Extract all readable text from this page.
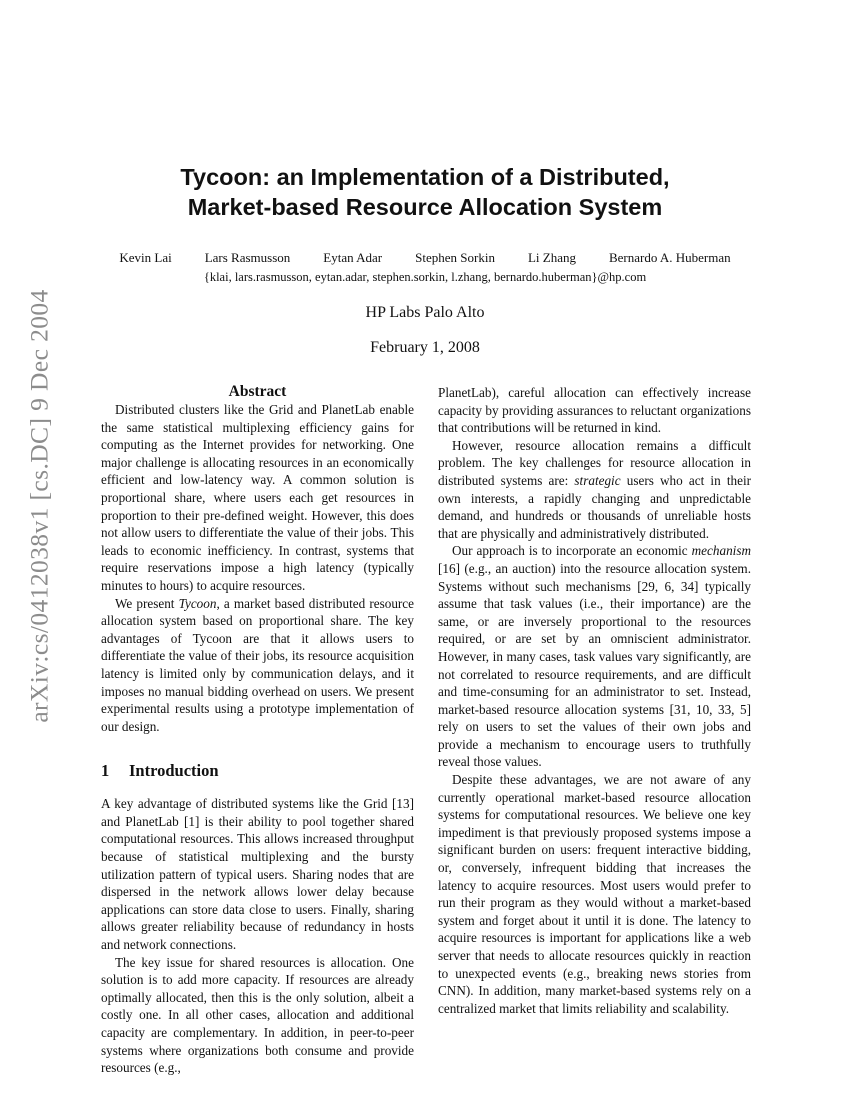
arXiv:cs/0412038v1 [cs.DC] 9 Dec 2004
Tycoon: an Implementation of a Distributed,
Market-based Resource Allocation System
Kevin Lai	Lars Rasmusson	Eytan Adar	Stephen Sorkin	Li Zhang	Bernardo A. Huberman
{klai, lars.rasmusson, eytan.adar, stephen.sorkin, l.zhang, bernardo.huberman}@hp.com
HP Labs Palo Alto
February 1, 2008
Abstract

Distributed clusters like the Grid and PlanetLab enable the same statistical multiplexing efficiency gains for computing as the Internet provides for networking. One major challenge is allocating resources in an economically efficient and low-latency way. A common solution is proportional share, where users each get resources in proportion to their pre-defined weight. However, this does not allow users to differentiate the value of their jobs. This leads to economic inefficiency. In contrast, systems that require reservations impose a high latency (typically minutes to hours) to acquire resources.

We present Tycoon, a market based distributed resource allocation system based on proportional share. The key advantages of Tycoon are that it allows users to differentiate the value of their jobs, its resource acquisition latency is limited only by communication delays, and it imposes no manual bidding overhead on users. We present experimental results using a prototype implementation of our design.

1 Introduction

A key advantage of distributed systems like the Grid [13] and PlanetLab [1] is their ability to pool together shared computational resources. This allows increased throughput because of statistical multiplexing and the bursty utilization pattern of typical users. Sharing nodes that are dispersed in the network allows lower delay because applications can store data close to users. Finally, sharing allows greater reliability because of redundancy in hosts and network connections.

The key issue for shared resources is allocation. One solution is to add more capacity. If resources are already optimally allocated, then this is the only solution, albeit a costly one. In all other cases, allocation and additional capacity are complementary. In addition, in peer-to-peer systems where organizations both consume and provide resources (e.g.,

PlanetLab), careful allocation can effectively increase capacity by providing assurances to reluctant organizations that contributions will be returned in kind.

However, resource allocation remains a difficult problem. The key challenges for resource allocation in distributed systems are: strategic users who act in their own interests, a rapidly changing and unpredictable demand, and hundreds or thousands of unreliable hosts that are physically and administratively distributed.

Our approach is to incorporate an economic mechanism [16] (e.g., an auction) into the resource allocation system. Systems without such mechanisms [29, 6, 34] typically assume that task values (i.e., their importance) are the same, or are inversely proportional to the resources required, or are set by an omniscient administrator. However, in many cases, task values vary significantly, are not correlated to resource requirements, and are difficult and time-consuming for an administrator to set. Instead, market-based resource allocation systems [31, 10, 33, 5] rely on users to set the values of their own jobs and provide a mechanism to encourage users to truthfully reveal those values.

Despite these advantages, we are not aware of any currently operational market-based resource allocation systems for computational resources. We believe one key impediment is that previously proposed systems impose a significant burden on users: frequent interactive bidding, or, conversely, infrequent bidding that increases the latency to acquire resources. Most users would prefer to run their program as they would without a market-based system and forget about it until it is done. The latency to acquire resources is important for applications like a web server that needs to allocate resources quickly in reaction to unexpected events (e.g., breaking news stories from CNN). In addition, many market-based systems rely on a centralized market that limits reliability and scalability.
